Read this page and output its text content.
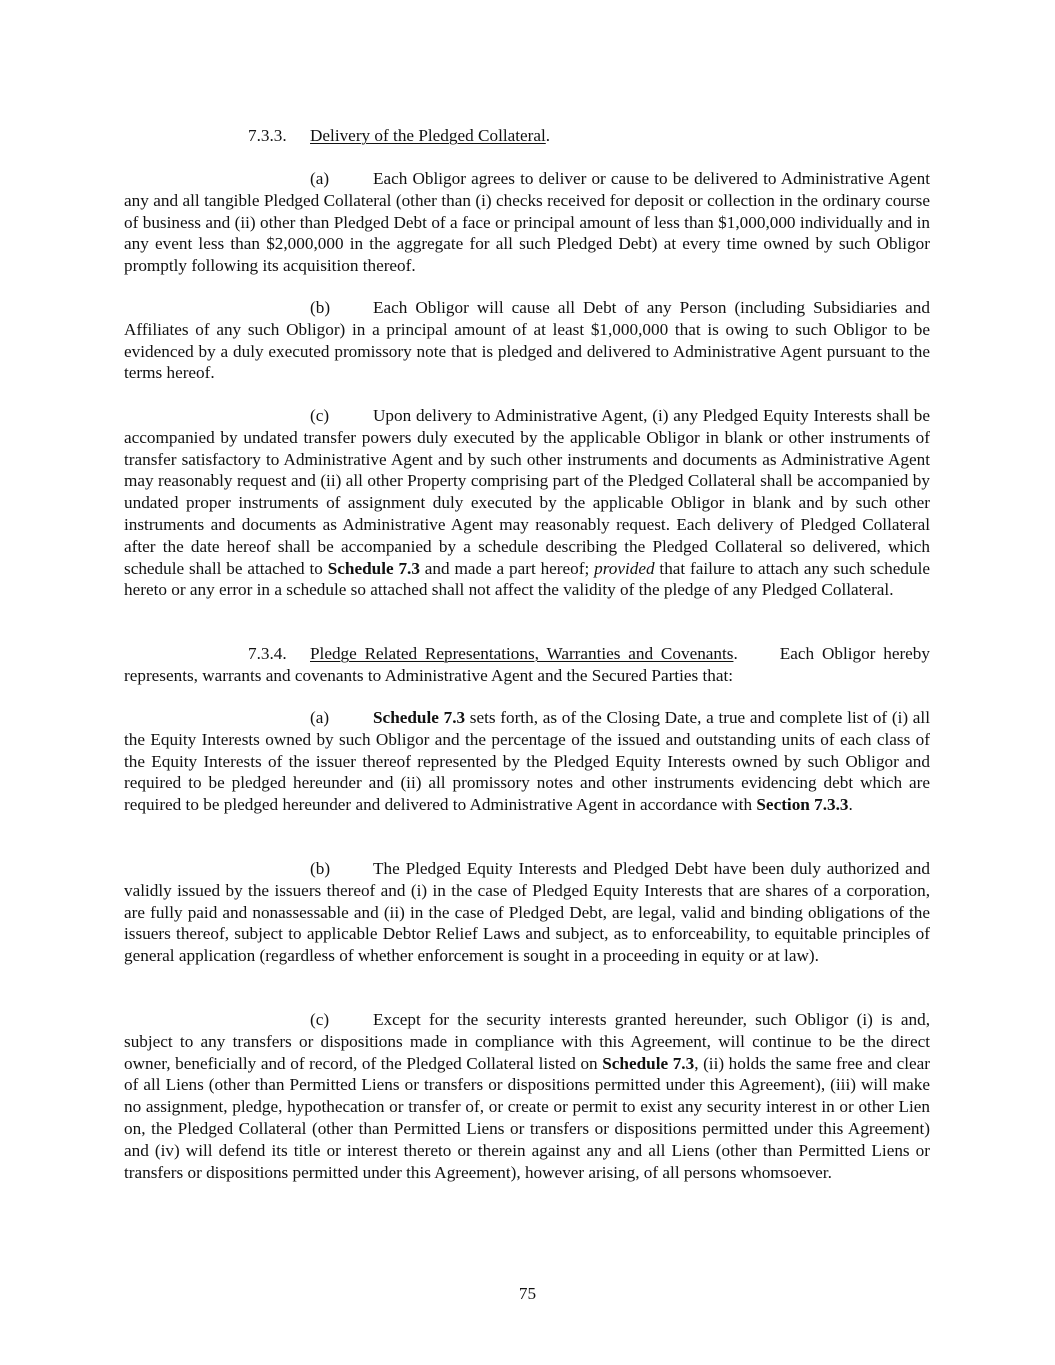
7.3.3. Delivery of the Pledged Collateral.

(a)	Each Obligor agrees to deliver or cause to be delivered to Administrative Agent any and all tangible Pledged Collateral (other than (i) checks received for deposit or collection in the ordinary course of business and (ii) other than Pledged Debt of a face or principal amount of less than $1,000,000 individually and in any event less than $2,000,000 in the aggregate for all such Pledged Debt) at every time owned by such Obligor promptly following its acquisition thereof.

(b) Each Obligor will cause all Debt of any Person (including Subsidiaries and Affiliates of any such Obligor) in a principal amount of at least $1,000,000 that is owing to such Obligor to be evidenced by a duly executed promissory note that is pledged and delivered to Administrative Agent pursuant to the terms hereof.

(c)	Upon delivery to Administrative Agent, (i) any Pledged Equity Interests shall be accompanied by undated transfer powers duly executed by the applicable Obligor in blank or other instruments of transfer satisfactory to Administrative Agent and by such other instruments and documents as Administrative Agent may reasonably request and (ii) all other Property comprising part of the Pledged Collateral shall be accompanied by undated proper instruments of assignment duly executed by the applicable Obligor in blank and by such other instruments and documents as Administrative Agent may reasonably request. Each delivery of Pledged Collateral after the date hereof shall be accompanied by a schedule describing the Pledged Collateral so delivered, which schedule shall be attached to Schedule 7.3 and made a part hereof; provided that failure to attach any such schedule hereto or any error in a schedule so attached shall not affect the validity of the pledge of any Pledged Collateral.

7.3.4. Pledge Related Representations, Warranties and Covenants. Each Obligor hereby represents, warrants and covenants to Administrative Agent and the Secured Parties that:

(a)	Schedule 7.3 sets forth, as of the Closing Date, a true and complete list of (i) all the Equity Interests owned by such Obligor and the percentage of the issued and outstanding units of each class of the Equity Interests of the issuer thereof represented by the Pledged Equity Interests owned by such Obligor and required to be pledged hereunder and (ii) all promissory notes and other instruments evidencing debt which are required to be pledged hereunder and delivered to Administrative Agent in accordance with Section 7.3.3.

(b) The Pledged Equity Interests and Pledged Debt have been duly authorized and validly issued by the issuers thereof and (i) in the case of Pledged Equity Interests that are shares of a corporation, are fully paid and nonassessable and (ii) in the case of Pledged Debt, are legal, valid and binding obligations of the issuers thereof, subject to applicable Debtor Relief Laws and subject, as to enforceability, to equitable principles of general application (regardless of whether enforcement is sought in a proceeding in equity or at law).

(c)	Except for the security interests granted hereunder, such Obligor (i) is and, subject to any transfers or dispositions made in compliance with this Agreement, will continue to be the direct owner, beneficially and of record, of the Pledged Collateral listed on Schedule 7.3, (ii) holds the same free and clear of all Liens (other than Permitted Liens or transfers or dispositions permitted under this Agreement), (iii) will make no assignment, pledge, hypothecation or transfer of, or create or permit to exist any security interest in or other Lien on, the Pledged Collateral (other than Permitted Liens or transfers or dispositions permitted under this Agreement) and (iv) will defend its title or interest thereto or therein against any and all Liens (other than Permitted Liens or transfers or dispositions permitted under this Agreement), however arising, of all persons whomsoever.

75
